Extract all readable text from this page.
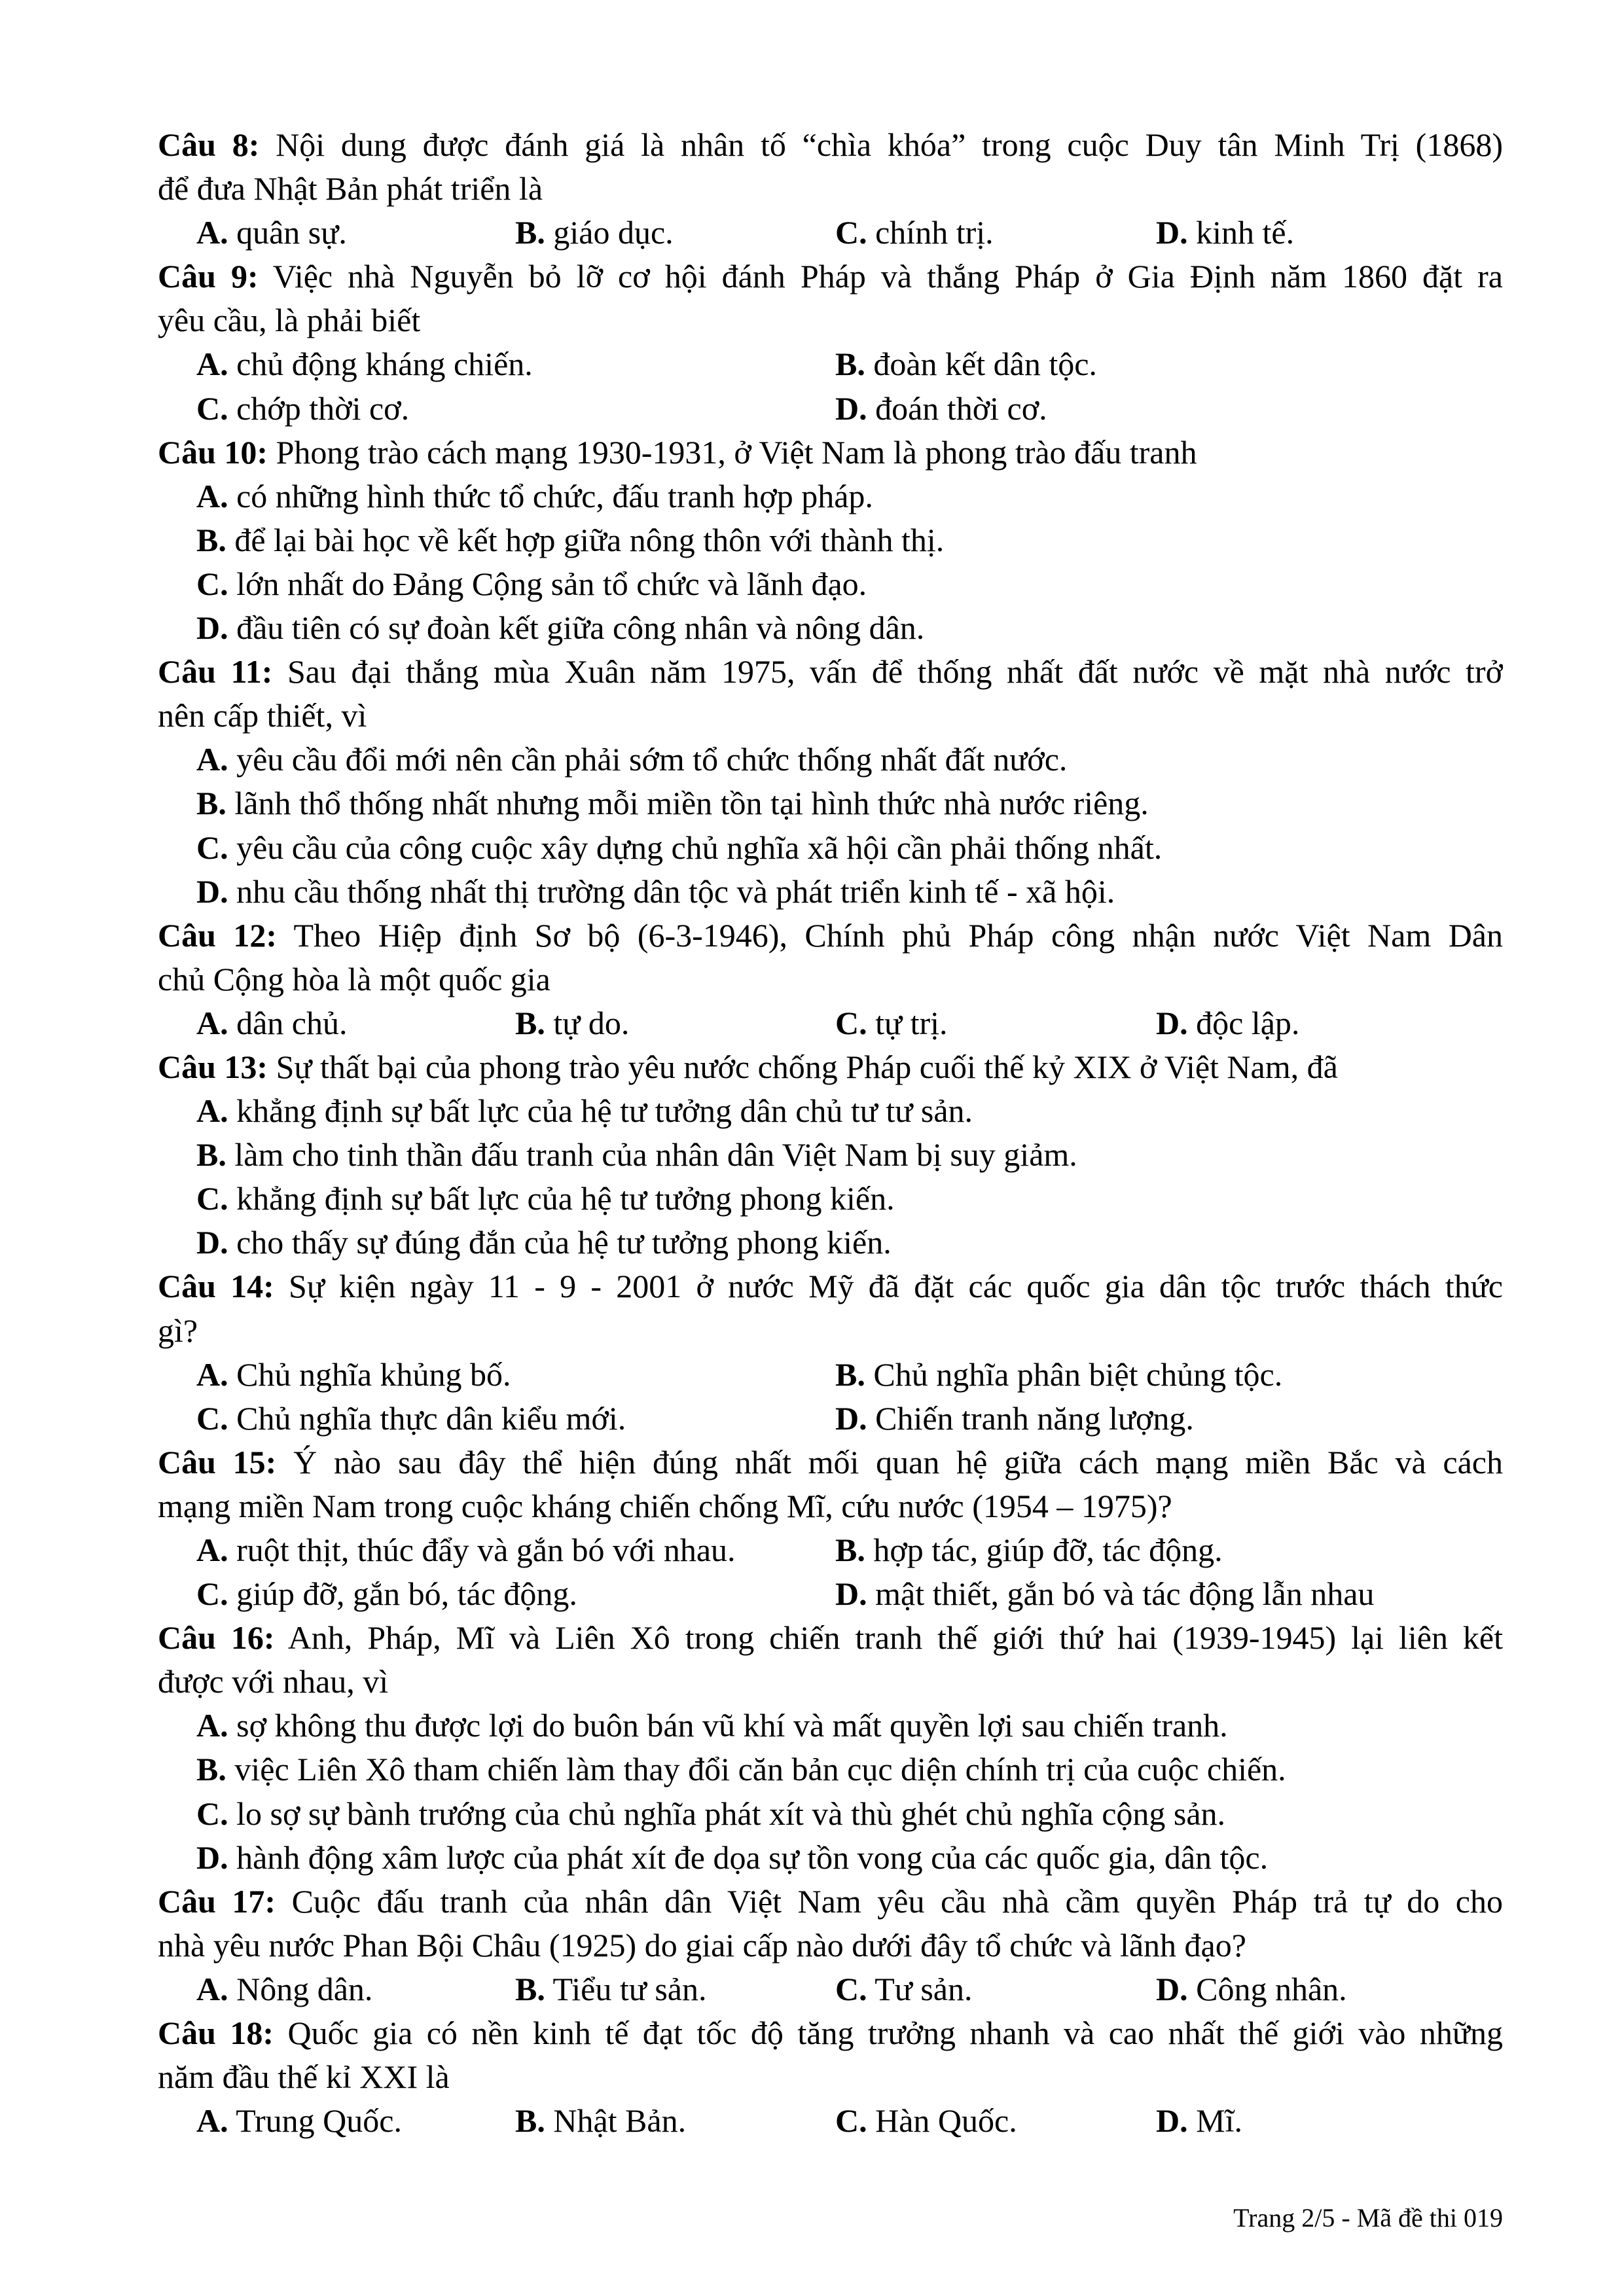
Câu 8: Nội dung được đánh giá là nhân tố “chìa khóa” trong cuộc Duy tân Minh Trị (1868)
để đưa Nhật Bản phát triển là
A. quân sự.	B. giáo dục.	C. chính trị.	D. kinh tế.
Câu 9: Việc nhà Nguyễn bỏ lỡ cơ hội đánh Pháp và thắng Pháp ở Gia Định năm 1860 đặt ra
yêu cầu, là phải biết
A. chủ động kháng chiến.	B. đoàn kết dân tộc.
C. chớp thời cơ.	D. đoán thời cơ.
Câu 10: Phong trào cách mạng 1930-1931, ở Việt Nam là phong trào đấu tranh
A. có những hình thức tổ chức, đấu tranh hợp pháp.
B. để lại bài học về kết hợp giữa nông thôn với thành thị.
C. lớn nhất do Đảng Cộng sản tổ chức và lãnh đạo.
D. đầu tiên có sự đoàn kết giữa công nhân và nông dân.
Câu 11: Sau đại thắng mùa Xuân năm 1975, vấn để thống nhất đất nước về mặt nhà nước trở
nên cấp thiết, vì
A. yêu cầu đổi mới nên cần phải sớm tổ chức thống nhất đất nước.
B. lãnh thổ thống nhất nhưng mỗi miền tồn tại hình thức nhà nước riêng.
C. yêu cầu của công cuộc xây dựng chủ nghĩa xã hội cần phải thống nhất.
D. nhu cầu thống nhất thị trường dân tộc và phát triển kinh tế - xã hội.
Câu 12: Theo Hiệp định Sơ bộ (6-3-1946), Chính phủ Pháp công nhận nước Việt Nam Dân
chủ Cộng hòa là một quốc gia
A. dân chủ.	B. tự do.	C. tự trị.	D. độc lập.
Câu 13: Sự thất bại của phong trào yêu nước chống Pháp cuối thế kỷ XIX ở Việt Nam, đã
A. khẳng định sự bất lực của hệ tư tưởng dân chủ tư tư sản.
B. làm cho tinh thần đấu tranh của nhân dân Việt Nam bị suy giảm.
C. khẳng định sự bất lực của hệ tư tưởng phong kiến.
D. cho thấy sự đúng đắn của hệ tư tưởng phong kiến.
Câu 14: Sự kiện ngày 11 - 9 - 2001 ở nước Mỹ đã đặt các quốc gia dân tộc trước thách thức
gì?
A. Chủ nghĩa khủng bố.	B. Chủ nghĩa phân biệt chủng tộc.
C. Chủ nghĩa thực dân kiểu mới.	D. Chiến tranh năng lượng.
Câu 15: Ý nào sau đây thể hiện đúng nhất mối quan hệ giữa cách mạng miền Bắc và cách
mạng miền Nam trong cuộc kháng chiến chống Mĩ, cứu nước (1954 – 1975)?
A. ruột thịt, thúc đẩy và gắn bó với nhau.	B. hợp tác, giúp đỡ, tác động.
C. giúp đỡ, gắn bó, tác động.	D. mật thiết, gắn bó và tác động lẫn nhau
Câu 16: Anh, Pháp, Mĩ và Liên Xô trong chiến tranh thế giới thứ hai (1939-1945) lại liên kết
được với nhau, vì
A. sợ không thu được lợi do buôn bán vũ khí và mất quyền lợi sau chiến tranh.
B. việc Liên Xô tham chiến làm thay đổi căn bản cục diện chính trị của cuộc chiến.
C. lo sợ sự bành trướng của chủ nghĩa phát xít và thù ghét chủ nghĩa cộng sản.
D. hành động xâm lược của phát xít đe dọa sự tồn vong của các quốc gia, dân tộc.
Câu 17: Cuộc đấu tranh của nhân dân Việt Nam yêu cầu nhà cầm quyền Pháp trả tự do cho
nhà yêu nước Phan Bội Châu (1925) do giai cấp nào dưới đây tổ chức và lãnh đạo?
A. Nông dân.	B. Tiểu tư sản.	C. Tư sản.	D. Công nhân.
Câu 18: Quốc gia có nền kinh tế đạt tốc độ tăng trưởng nhanh và cao nhất thế giới vào những
năm đầu thế kỉ XXI là
A. Trung Quốc.	B. Nhật Bản.	C. Hàn Quốc.	D. Mĩ.
Trang 2/5 - Mã đề thi 019
